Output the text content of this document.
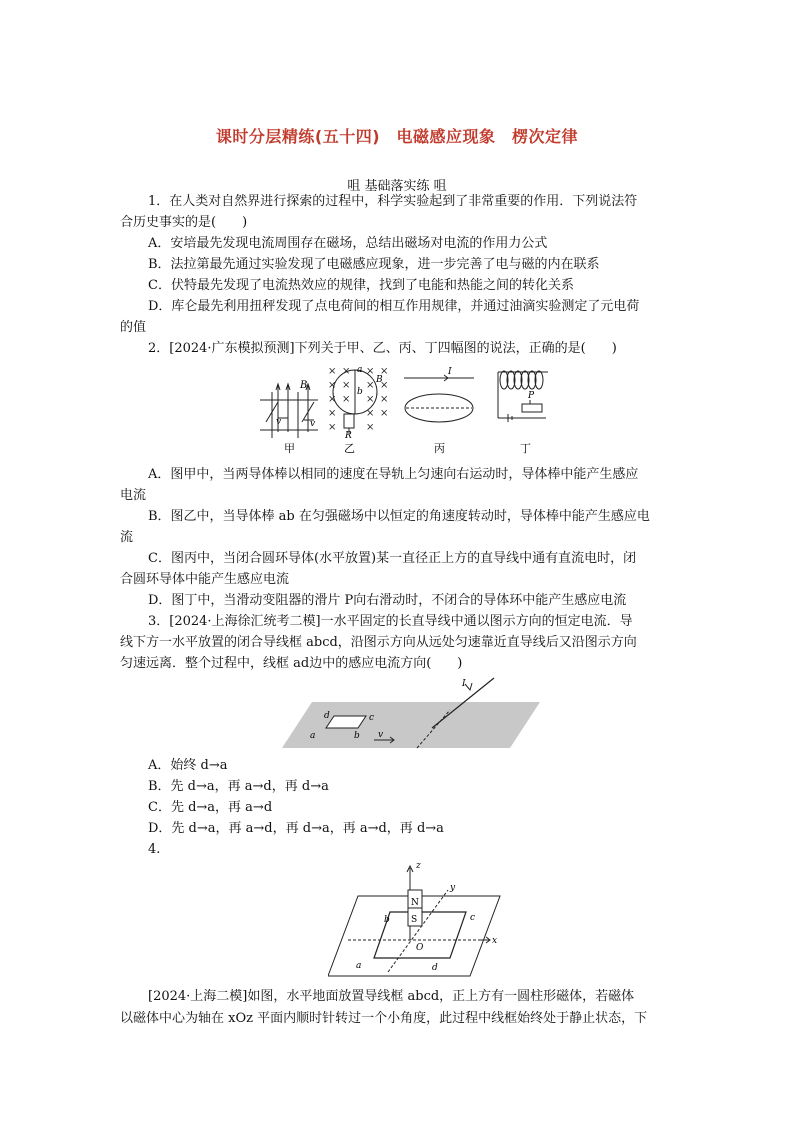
课时分层精练(五十四)　电磁感应现象　楞次定律
咀 基础落实练 咀
1．在人类对自然界进行探索的过程中，科学实验起到了非常重要的作用．下列说法符
合历史事实的是(　　)
A．安培最先发现电流周围存在磁场，总结出磁场对电流的作用力公式
B．法拉第最先通过实验发现了电磁感应现象，进一步完善了电与磁的内在联系
C．伏特最先发现了电流热效应的规律，找到了电能和热能之间的转化关系
D．库仑最先利用扭秤发现了点电荷间的相互作用规律，并通过油滴实验测定了元电荷
的值
2．[2024·广东模拟预测]下列关于甲、乙、丙、丁四幅图的说法，正确的是(　　)
B
v	v
甲
× × × ×
× × × ×
× × × ×
×	× ×
×	×
a
b
B
R
乙
I
丙
P
丁
A．图甲中，当两导体棒以相同的速度在导轨上匀速向右运动时，导体棒中能产生感应
电流
B．图乙中，当导体棒 ab 在匀强磁场中以恒定的角速度转动时，导体棒中能产生感应电
流
C．图丙中，当闭合圆环导体(水平放置)某一直径正上方的直导线中通有直流电时，闭
合圆环导体中能产生感应电流
D．图丁中，当滑动变阻器的滑片 P向右滑动时，不闭合的导体环中能产生感应电流
3．[2024·上海徐汇统考二模]一水平固定的长直导线中通以图示方向的恒定电流．导
线下方一水平放置的闭合导线框 abcd，沿图示方向从远处匀速靠近直导线后又沿图示方向
匀速远离．整个过程中，线框 ad边中的感应电流方向(　　)
I
d	c
a	b v
A．始终 d→a
B．先 d→a，再 a→d，再 d→a
C．先 d→a，再 a→d
D．先 d→a，再 a→d，再 d→a，再 a→d，再 d→a
4.
N
S
z
y
x
O
b	c
a	d
[2024·上海二模]如图，水平地面放置导线框 abcd，正上方有一圆柱形磁体，若磁体
以磁体中心为轴在 xOz 平面内顺时针转过一个小角度，此过程中线框始终处于静止状态，下
